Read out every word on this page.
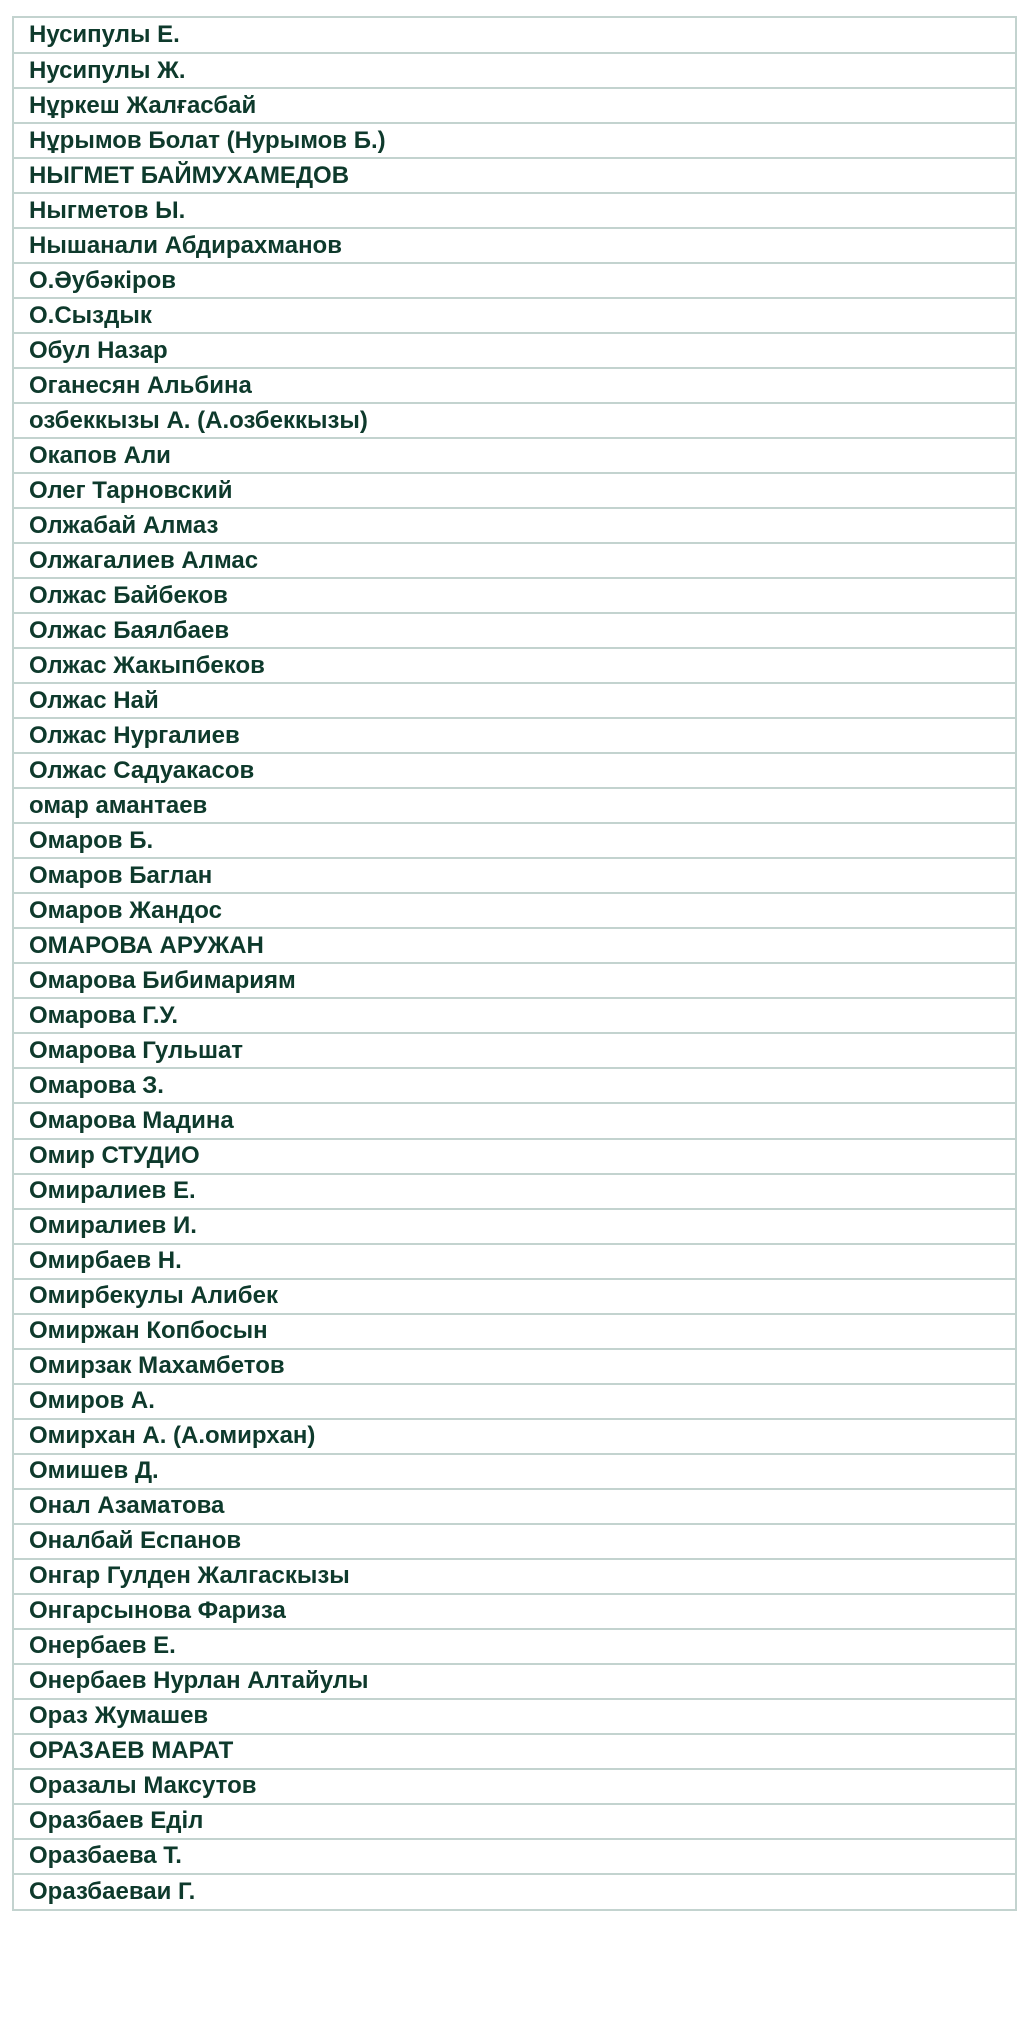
Нусипулы Е.
Нусипулы Ж.
Нұркеш Жалғасбай
Нұрымов Болат (Нурымов Б.)
НЫГМЕТ БАЙМУХАМЕДОВ
Ныгметов Ы.
Нышанали Абдирахманов
О.Әубәкіров
О.Сыздык
Обул Назар
Оганесян Альбина
озбеккызы А. (А.озбеккызы)
Окапов Али
Олег Тарновский
Олжабай Алмаз
Олжагалиев Алмас
Олжас Байбеков
Олжас Баялбаев
Олжас Жакыпбеков
Олжас Най
Олжас Нургалиев
Олжас Садуакасов
омар амантаев
Омаров Б.
Омаров Баглан
Омаров Жандос
ОМАРОВА АРУЖАН
Омарова Бибимариям
Омарова Г.У.
Омарова Гульшат
Омарова З.
Омарова Мадина
Омир СТУДИО
Омиралиев Е.
Омиралиев И.
Омирбаев Н.
Омирбекулы Алибек
Омиржан Копбосын
Омирзак Махамбетов
Омиров А.
Омирхан А. (А.омирхан)
Омишев Д.
Онал Азаматова
Оналбай Еспанов
Онгар Гулден Жалгаскызы
Онгарсынова Фариза
Онербаев Е.
Онербаев Нурлан Алтайулы
Ораз Жумашев
ОРАЗАЕВ МАРАТ
Оразалы Максутов
Оразбаев Еділ
Оразбаева Т.
Оразбаеваи Г.
